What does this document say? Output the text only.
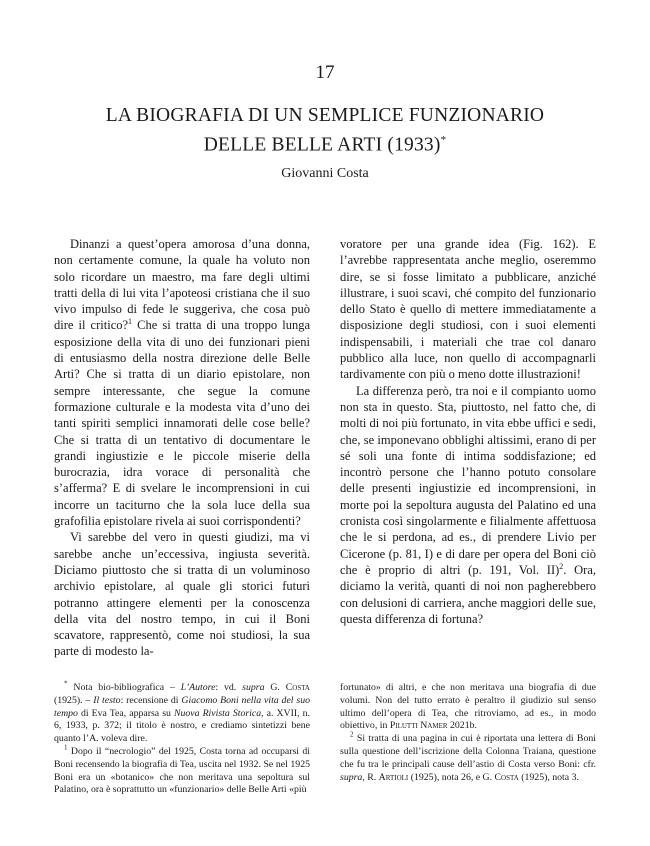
17
LA BIOGRAFIA DI UN SEMPLICE FUNZIONARIO
DELLE BELLE ARTI (1933)*
Giovanni Costa

Dinanzi a quest’opera amorosa d’una donna, non certamente comune, la quale ha voluto non solo ricordare un maestro, ma fare degli ultimi tratti della di lui vita l’apoteosi cristiana che il suo vivo impulso di fede le suggeriva, che cosa può dire il critico?$^1$ Che si tratta di una troppo lunga esposizione della vita di uno dei funzionari pieni di entusiasmo della nostra direzione delle Belle Arti? Che si tratta di un diario epistolare, non sempre interessante, che segue la comune formazione culturale e la modesta vita d’uno dei tanti spiriti semplici innamorati delle cose belle? Che si tratta di un tentativo di documentare le grandi ingiustizie e le piccole miserie della burocrazia, idra vorace di personalità che s’afferma? E di svelare le incomprensioni in cui incorre un taciturno che la sola luce della sua grafofilia epistolare rivela ai suoi corrispondenti?

Vi sarebbe del vero in questi giudizi, ma vi sarebbe anche un’eccessiva, ingiusta severità. Diciamo piuttosto che si tratta di un voluminoso archivio epistolare, al quale gli storici futuri potranno attingere elementi per la conoscenza della vita del nostro tempo, in cui il Boni scavatore, rappresentò, come noi studiosi, la sua parte di modesto la-

voratore per una grande idea (Fig. 162). E l’avrebbe rappresentata anche meglio, oseremmo dire, se si fosse limitato a pubblicare, anziché illustrare, i suoi scavi, ché compito del funzionario dello Stato è quello di mettere immediatamente a disposizione degli studiosi, con i suoi elementi indispensabili, i materiali che trae col danaro pubblico alla luce, non quello di accompagnarli tardivamente con più o meno dotte illustrazioni!

La differenza però, tra noi e il compianto uomo non sta in questo. Sta, piuttosto, nel fatto che, di molti di noi più fortunato, in vita ebbe uffici e sedi, che, se imponevano obblighi altissimi, erano di per sé soli una fonte di intima soddisfazione; ed incontrò persone che l’hanno potuto consolare delle presenti ingiustizie ed incomprensioni, in morte poi la sepoltura augusta del Palatino ed una cronista così singolarmente e filialmente affettuosa che le si perdona, ad es., di prendere Livio per Cicerone (p. 81, I) e di dare per opera del Boni ciò che è proprio di altri (p. 191, Vol. II)$^2$. Ora, diciamo la verità, quanti di noi non pagherebbero con delusioni di carriera, anche maggiori delle sue, questa differenza di fortuna?

* Nota bio-bibliografica – L’Autore: vd. supra G. Costa (1925). – Il testo: recensione di Giacomo Boni nella vita del suo tempo di Eva Tea, apparsa su Nuova Rivista Storica, a. XVII, n. 6, 1933, p. 372; il titolo è nostro, e crediamo sintetizzi bene quanto l’A. voleva dire.

$^1$ Dopo il “necrologio” del 1925, Costa torna ad occuparsi di Boni recensendo la biografia di Tea, uscita nel 1932. Se nel 1925 Boni era un «botanico» che non meritava una sepoltura sul Palatino, ora è soprattutto un «funzionario» delle Belle Arti «più

fortunato» di altri, e che non meritava una biografia di due volumi. Non del tutto errato è peraltro il giudizio sul senso ultimo dell’opera di Tea, che ritroviamo, ad es., in modo obiettivo, in Pilutti Namer 2021b.

$^2$ Si tratta di una pagina in cui è riportata una lettera di Boni sulla questione dell’iscrizione della Colonna Traiana, questione che fu tra le principali cause dell’astio di Costa verso Boni: cfr. supra, R. Artioli (1925), nota 26, e G. Costa (1925), nota 3.
